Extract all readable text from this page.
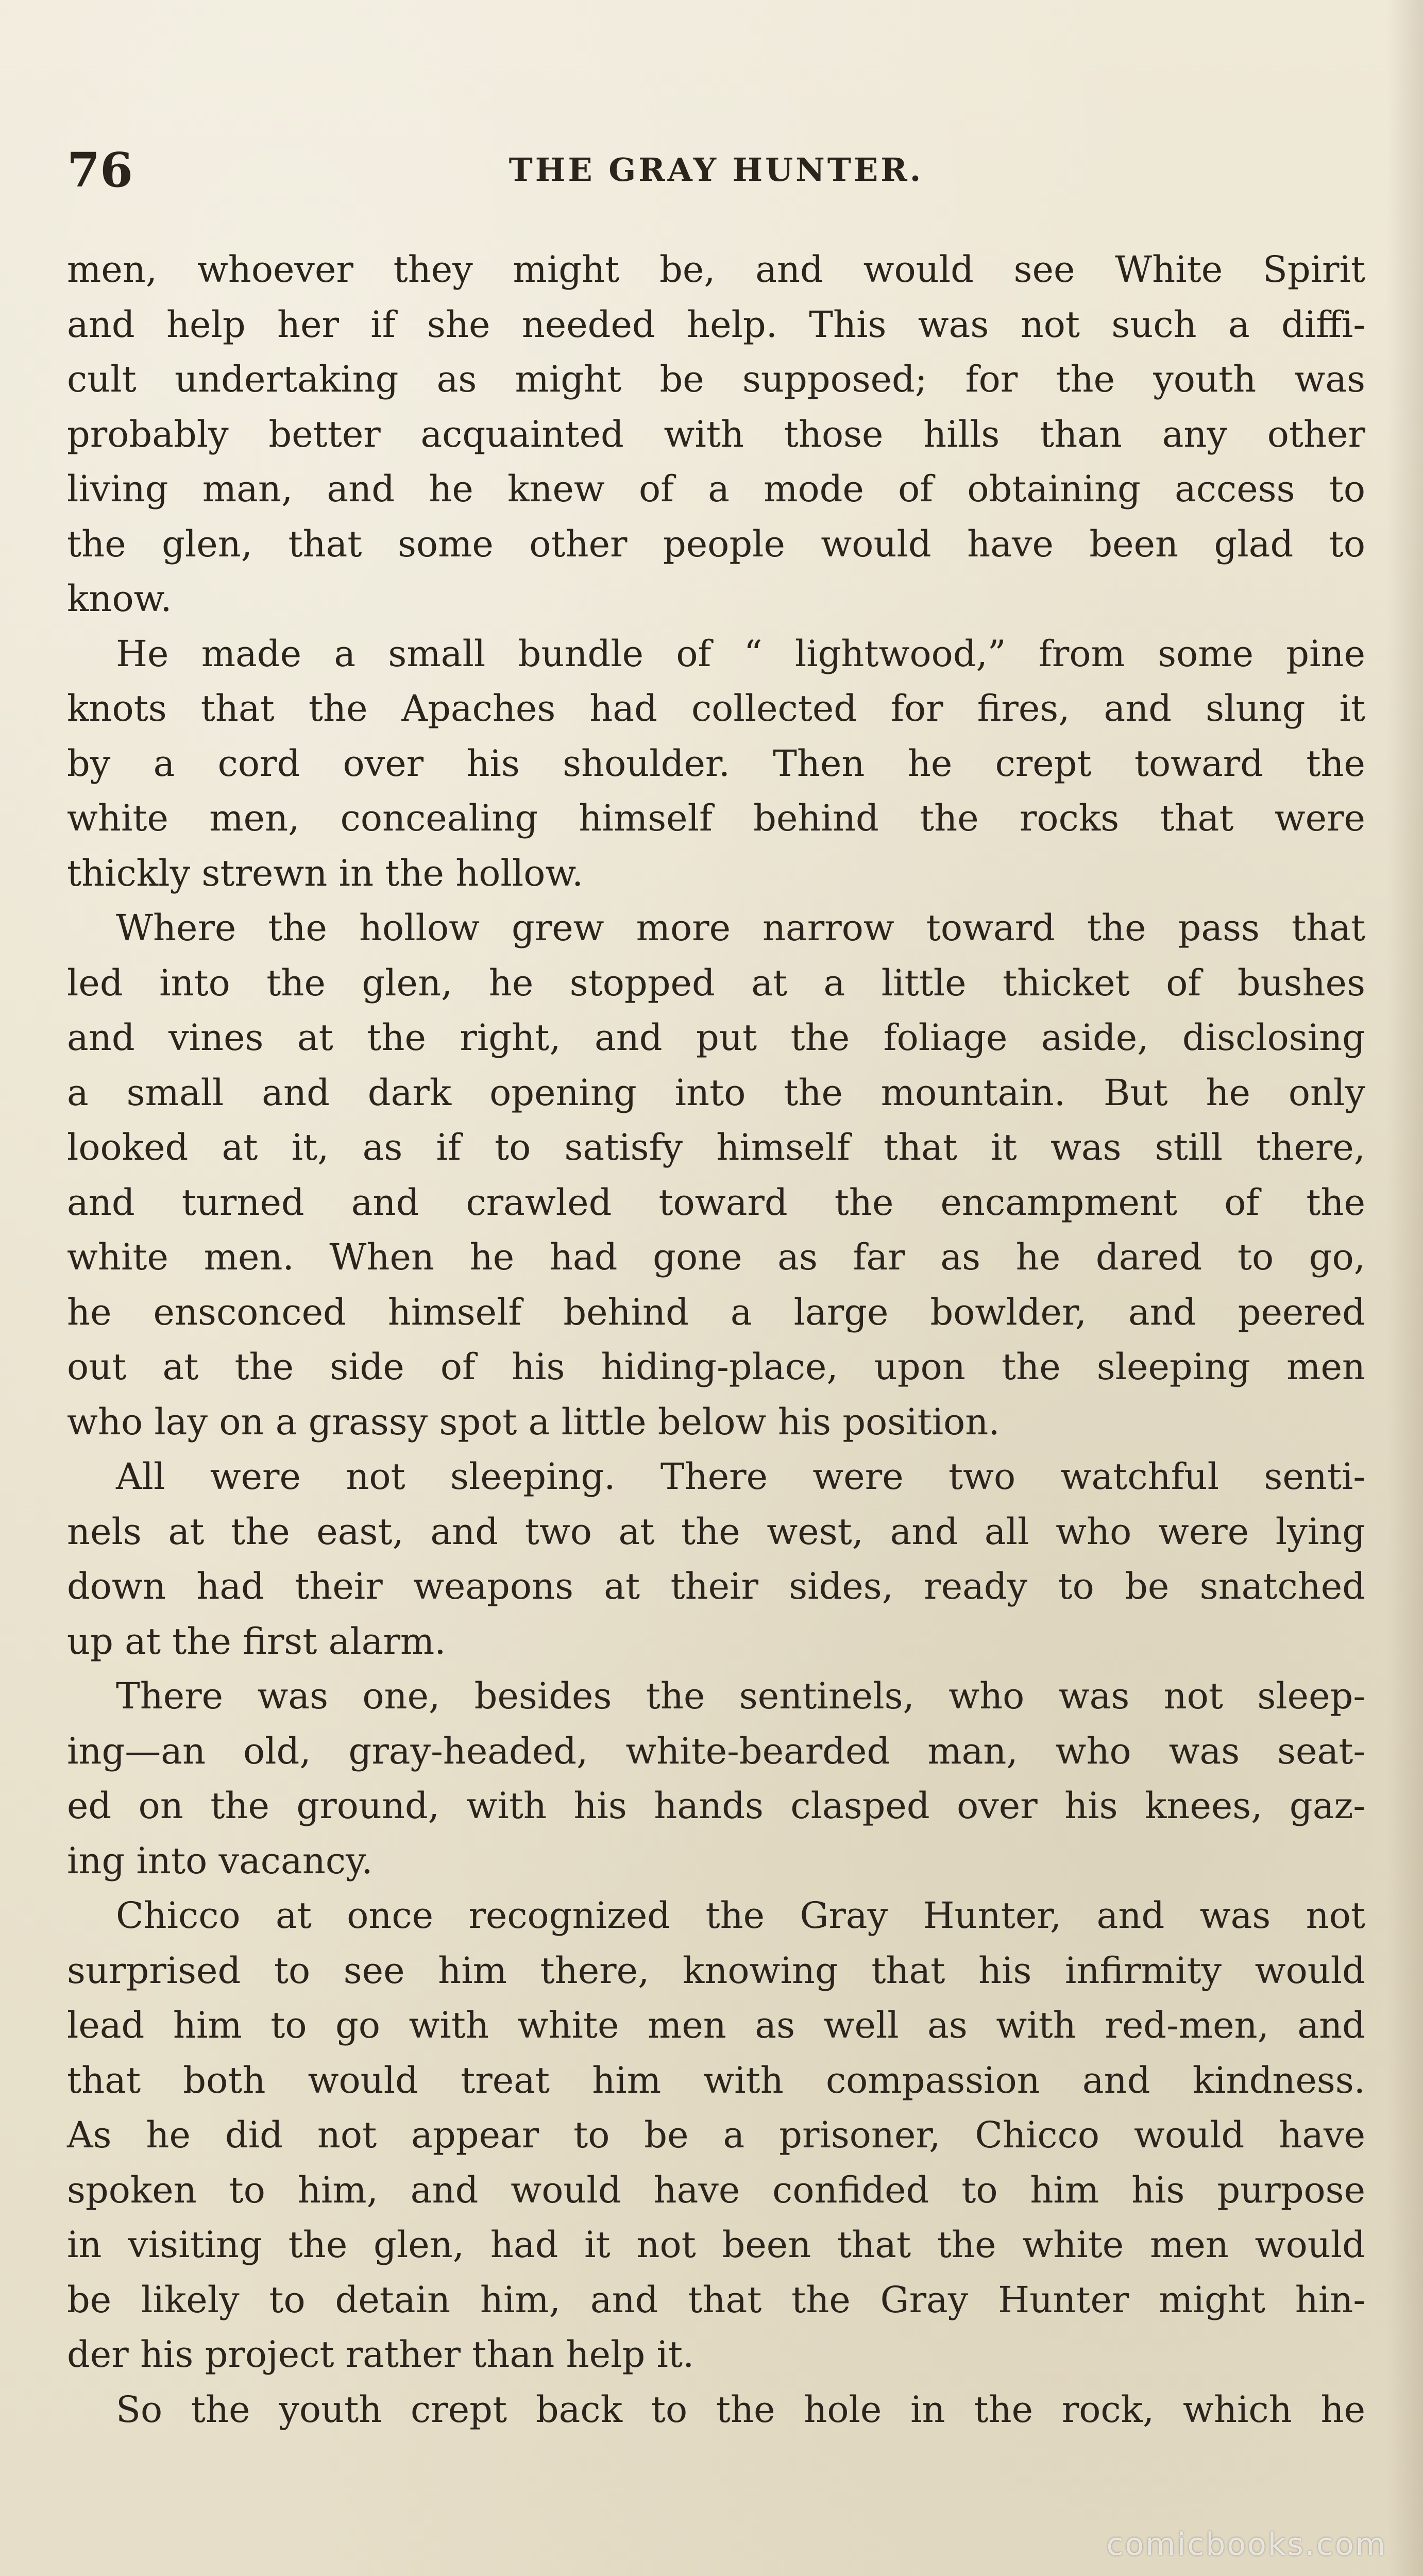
76	THE GRAY HUNTER.
men, whoever they might be, and would see White Spirit
and help her if she needed help. This was not such a diffi-
cult undertaking as might be supposed; for the youth was
probably better acquainted with those hills than any other
living man, and he knew of a mode of obtaining access to
the glen, that some other people would have been glad to
know.
He made a small bundle of “ lightwood,” from some pine
knots that the Apaches had collected for fires, and slung it
by a cord over his shoulder. Then he crept toward the
white men, concealing himself behind the rocks that were
thickly strewn in the hollow.
Where the hollow grew more narrow toward the pass that
led into the glen, he stopped at a little thicket of bushes
and vines at the right, and put the foliage aside, disclosing
a small and dark opening into the mountain. But he only
looked at it, as if to satisfy himself that it was still there,
and turned and crawled toward the encampment of the
white men. When he had gone as far as he dared to go,
he ensconced himself behind a large bowlder, and peered
out at the side of his hiding-place, upon the sleeping men
who lay on a grassy spot a little below his position.
All were not sleeping. There were two watchful senti-
nels at the east, and two at the west, and all who were lying
down had their weapons at their sides, ready to be snatched
up at the first alarm.
There was one, besides the sentinels, who was not sleep-
ing—an old, gray-headed, white-bearded man, who was seat-
ed on the ground, with his hands clasped over his knees, gaz-
ing into vacancy.
Chicco at once recognized the Gray Hunter, and was not
surprised to see him there, knowing that his infirmity would
lead him to go with white men as well as with red-men, and
that both would treat him with compassion and kindness.
As he did not appear to be a prisoner, Chicco would have
spoken to him, and would have confided to him his purpose
in visiting the glen, had it not been that the white men would
be likely to detain him, and that the Gray Hunter might hin-
der his project rather than help it.
So the youth crept back to the hole in the rock, which he
comicbooks.com
